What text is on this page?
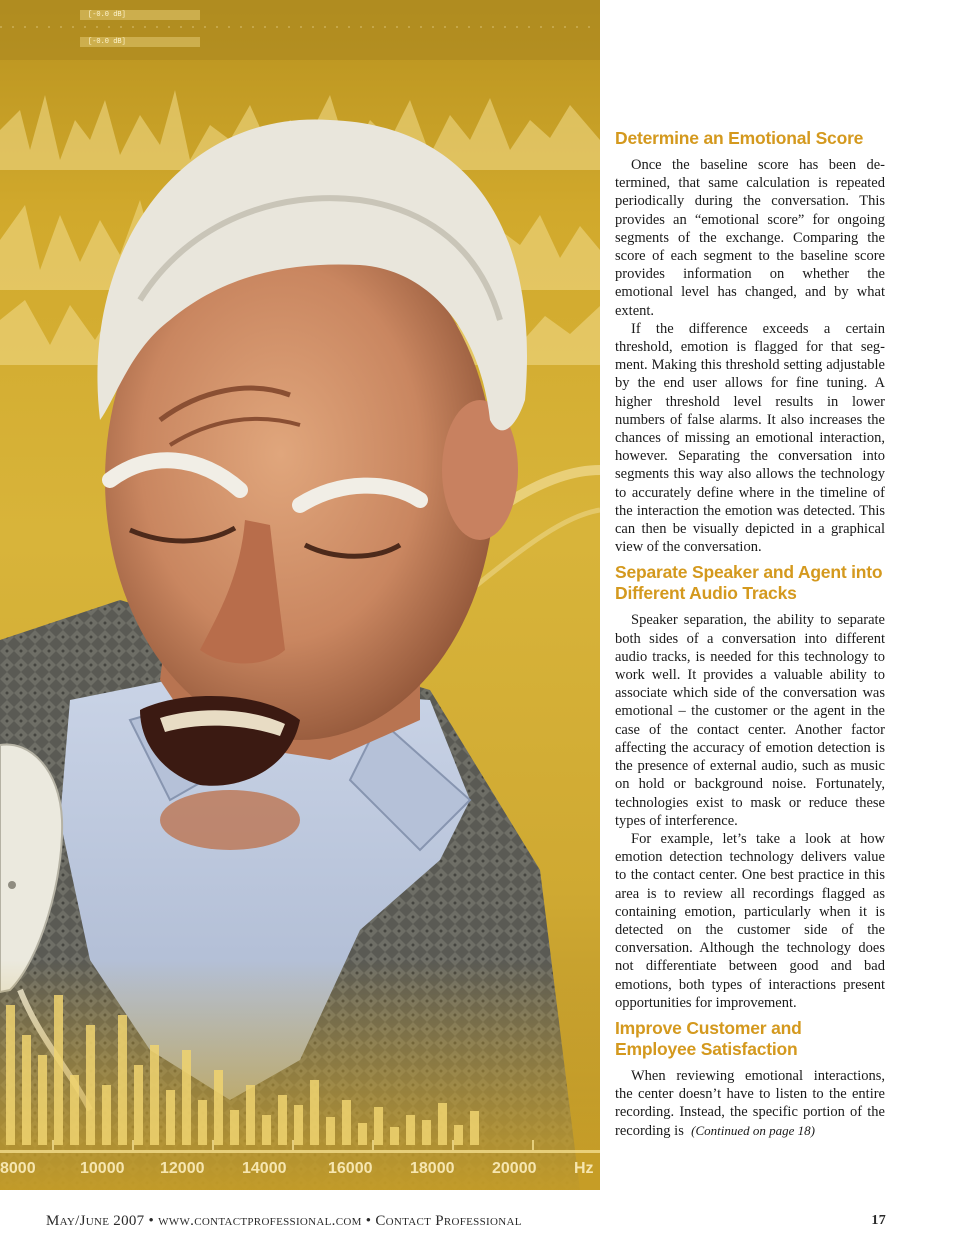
8000	10000 12000 14000	16000 18000 20000 Hz
[-0.0 dB]
[-0.0 dB]
Determine an Emotional Score

Once the baseline score has been determined, that same calculation is repeated periodically during the conversation. This provides an “emotional score” for ongoing segments of the exchange. Comparing the score of each segment to the baseline score provides information on whether the emotional level has changed, and by what extent.

If the difference exceeds a certain threshold, emotion is flagged for that segment. Making this threshold setting adjustable by the end user allows for fine tuning. A higher threshold level results in lower numbers of false alarms. It also increases the chances of missing an emotional interaction, however. Separating the conversation into segments this way also allows the technology to accurately define where in the timeline of the interaction the emotion was detected. This can then be visually depicted in a graphical view of the conversation.

Separate Speaker and Agent into Different Audio Tracks

Speaker separation, the ability to separate both sides of a conversation into different audio tracks, is needed for this technology to work well. It provides a valuable ability to associate which side of the conversation was emotional – the customer or the agent in the case of the contact center. Another factor affecting the accuracy of emotion detection is the presence of external audio, such as music on hold or background noise. Fortunately, technologies exist to mask or reduce these types of interference.

For example, let’s take a look at how emotion detection technology delivers value to the contact center. One best practice in this area is to review all recordings flagged as containing emotion, particularly when it is detected on the customer side of the conversation. Although the technology does not differentiate between good and bad emotions, both types of interactions present opportunities for improvement.

Improve Customer and Employee Satisfaction

When reviewing emotional interactions, the center doesn’t have to listen to the entire recording. Instead, the specific portion of the recording is (Continued on page 18)

May/June 2007 • www.contactprofessional.com • Contact Professional	17
